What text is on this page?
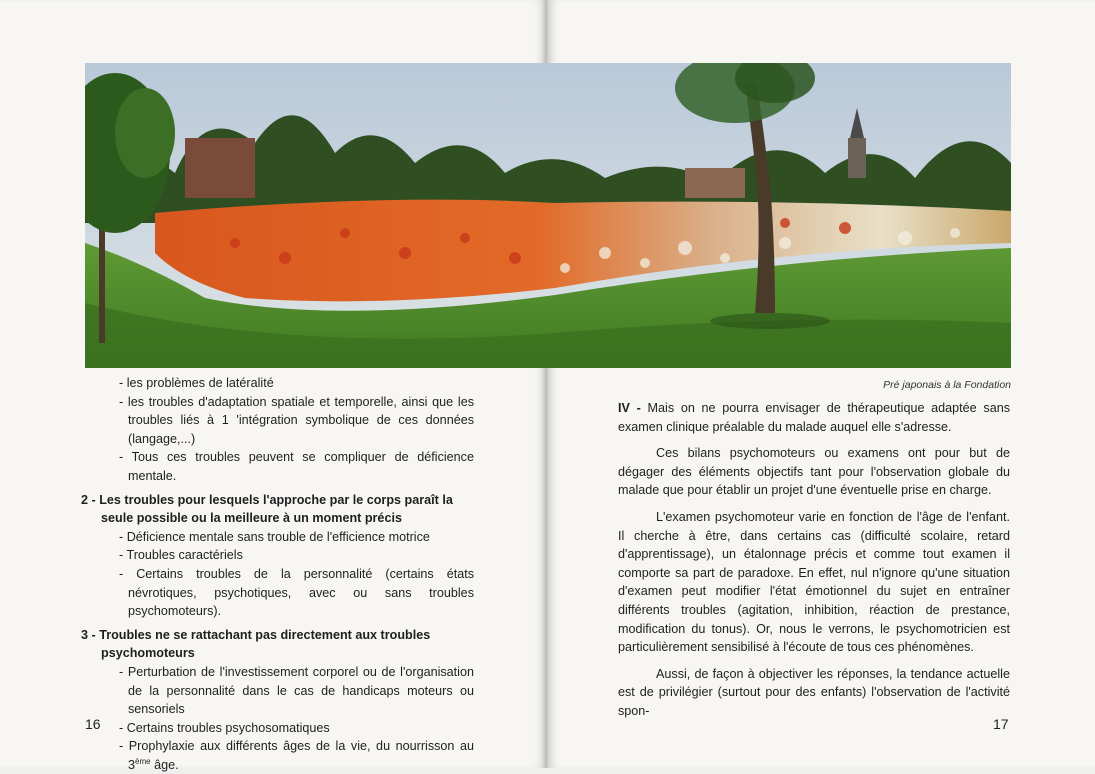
Pré japonais à la Fondation
- les problèmes de latéralité
- les troubles d'adaptation spatiale et temporelle, ainsi que les troubles liés à 1 'intégration symbolique de ces données (langage,...)
- Tous ces troubles peuvent se compliquer de déficience mentale.
2 - Les troubles pour lesquels l'approche par le corps paraît la seule possible ou la meilleure à un moment précis
- Déficience mentale sans trouble de l'efficience motrice
- Troubles caractériels
- Certains troubles de la personnalité (certains états névrotiques, psychotiques, avec ou sans troubles psychomoteurs).
3 - Troubles ne se rattachant pas directement aux troubles psychomoteurs
- Perturbation de l'investissement corporel ou de l'organisation de la personnalité dans le cas de handicaps moteurs ou sensoriels
- Certains troubles psychosomatiques
- Prophylaxie aux différents âges de la vie, du nourrisson au 3ème âge.

IV - Mais on ne pourra envisager de thérapeutique adaptée sans examen clinique préalable du malade auquel elle s'adresse.

Ces bilans psychomoteurs ou examens ont pour but de dégager des éléments objectifs tant pour l'observation globale du malade que pour établir un projet d'une éventuelle prise en charge.

L'examen psychomoteur varie en fonction de l'âge de l'enfant. Il cherche à être, dans certains cas (difficulté scolaire, retard d'apprentissage), un étalonnage précis et comme tout examen il comporte sa part de paradoxe. En effet, nul n'ignore qu'une situation d'examen peut modifier l'état émotionnel du sujet en entraîner différents troubles (agitation, inhibition, réaction de prestance, modification du tonus). Or, nous le verrons, le psychomotricien est particulièrement sensibilisé à l'écoute de tous ces phénomènes.

Aussi, de façon à objectiver les réponses, la tendance actuelle est de privilégier (surtout pour des enfants) l'observation de l'activité spon-

16	17
